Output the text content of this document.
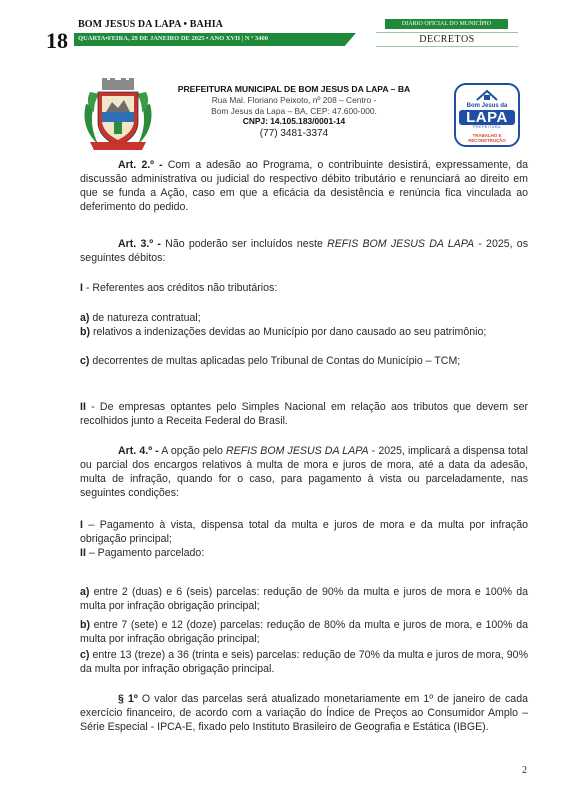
18
BOM JESUS DA LAPA • BAHIA
QUARTA•FEIRA, 29 DE JANEIRO DE 2025 • ANO XVII | N º 3400
DIÁRIO OFICIAL DO MUNICÍPIO
DECRETOS
PREFEITURA MUNICIPAL DE BOM JESUS DA LAPA – BA
Rua Mal. Floriano Peixoto, nº 208 – Centro -
Bom Jesus da Lapa – BA, CEP: 47.600-000.
CNPJ: 14.105.183/0001-14
(77) 3481-3374
Bom Jesus da
LAPA
PREFEITURA
TRABALHO E
RECONSTRUÇÃO

Art. 2.º - Com a adesão ao Programa, o contribuinte desistirá, expressamente, da discussão administrativa ou judicial do respectivo débito tributário e renunciará ao direito em que se funda a Ação, caso em que a eficácia da desistência e renúncia fica vinculada ao deferimento do pedido.

Art. 3.º - Não poderão ser incluídos neste REFIS BOM JESUS DA LAPA - 2025, os seguintes débitos:

I - Referentes aos créditos não tributários:

a) de natureza contratual;

b) relativos a indenizações devidas ao Município por dano causado ao seu patrimônio;

c) decorrentes de multas aplicadas pelo Tribunal de Contas do Município – TCM;

II - De empresas optantes pelo Simples Nacional em relação aos tributos que devem ser recolhidos junto a Receita Federal do Brasil.

Art. 4.º - A opção pelo REFIS BOM JESUS DA LAPA - 2025, implicará a dispensa total ou parcial dos encargos relativos à multa de mora e juros de mora, até a data da adesão, multa de infração, quando for o caso, para pagamento à vista ou parceladamente, nas seguintes condições:

I – Pagamento à vista, dispensa total da multa e juros de mora e da multa por infração obrigação principal;

II – Pagamento parcelado:

a) entre 2 (duas) e 6 (seis) parcelas: redução de 90% da multa e juros de mora e 100% da multa por infração obrigação principal;

b) entre 7 (sete) e 12 (doze) parcelas: redução de 80% da multa e juros de mora, e 100% da multa por infração obrigação principal;

c) entre 13 (treze) a 36 (trinta e seis) parcelas: redução de 70% da multa e juros de mora, 90% da multa por infração obrigação principal.

§ 1º O valor das parcelas será atualizado monetariamente em 1º de janeiro de cada exercício financeiro, de acordo com a variação do Índice de Preços ao Consumidor Amplo – Série Especial - IPCA-E, fixado pelo Instituto Brasileiro de Geografia e Estática (IBGE).

2
